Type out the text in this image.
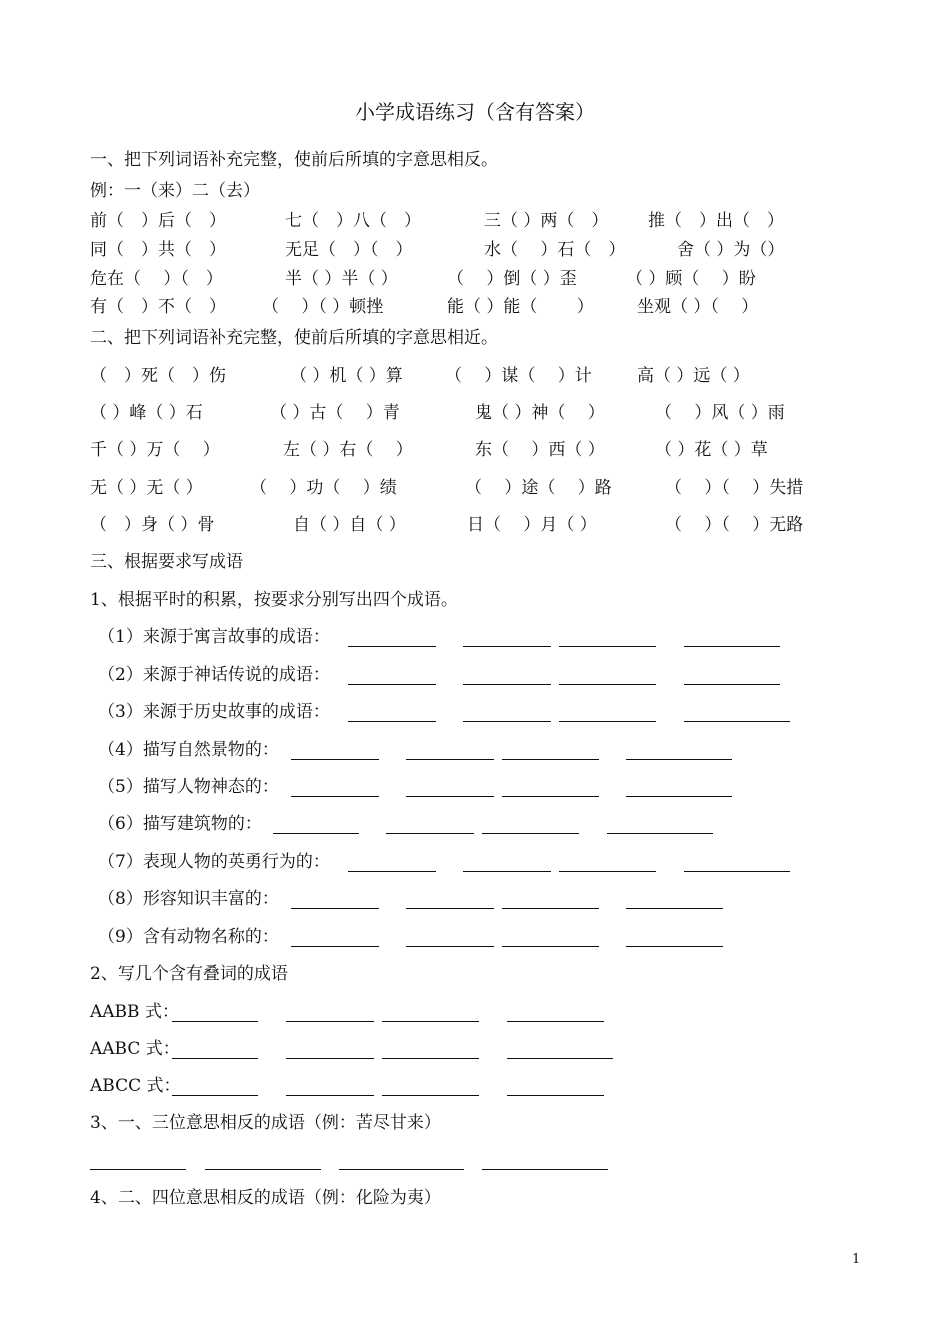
小学成语练习（含有答案）
一、把下列词语补充完整，使前后所填的字意思相反。
例：一（来）二（去）
前（　）后（　）	七（　）八（　）	三（ ）两（　） 推（　）出（　）
同（　）共（　）	无足（　）（　）	水（　 ）石（　）	舍（ ）为（）
危在（　 ）（　）	半（ ）半（ ）	（　 ）倒（ ）歪	（ ）顾（　 ）盼
有（　）不（　） （　 ）（ ）顿挫	能（ ）能（　　 ）	坐观（ ）（　 ）
二、把下列词语补充完整，使前后所填的字意思相近。
（　）死（　）伤	（ ）机（ ）算 （　 ）谋（　 ）计	高（ ）远（ ）
（ ）峰（ ）石	（ ）古（　 ）青	鬼（ ）神（　 ）	（　 ）风（ ）雨
千（ ）万（　 ）	左（ ）右（　 ）	东（　 ）西（ ）	（ ）花（ ）草
无（ ）无（ ）	（　 ）功（　 ）绩	（　 ）途（　 ）路	（　 ）（　 ）失措
（　）身（ ）骨	自（ ）自（ ）	日（　 ）月（ ）	（　 ）（　 ）无路
三、根据要求写成语
1、根据平时的积累，按要求分别写出四个成语。
（1）来源于寓言故事的成语：
（2）来源于神话传说的成语：
（3）来源于历史故事的成语：
（4）描写自然景物的：
（5）描写人物神态的：
（6）描写建筑物的：
（7）表现人物的英勇行为的：
（8）形容知识丰富的：
（9）含有动物名称的：
2、写几个含有叠词的成语
AABB 式：
AABC 式：
ABCC 式：
3、一、三位意思相反的成语（例：苦尽甘来）
4、二、四位意思相反的成语（例：化险为夷）
1
